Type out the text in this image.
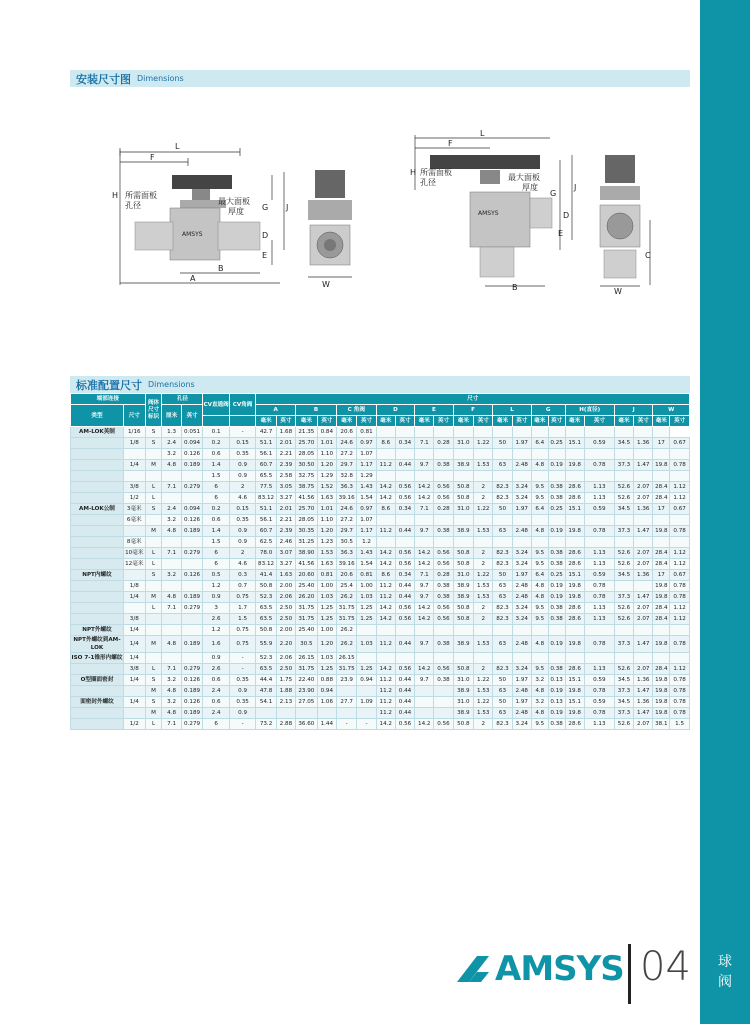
球
阀
安装尺寸图 Dimensions
L
F
H 所需面板
孔径	最大面板
厚度 G J
D
E
A
B
AMSYS
W
L
F
H 所需面板
孔径
最大面板
厚度
G
J
D
E
B
AMSYS
C
W
标准配置尺寸 Dimensions
端部连接		阀体尺寸标识	孔径		CV直通阀	CV角阀	尺寸																					
类型	尺寸		厘米	英寸			A		B		C 角阀		D		E		F		L		G		H(直径)		J		W	
							毫米	英寸	毫米	英寸	毫米	英寸	毫米	英寸	毫米	英寸	毫米	英寸	毫米	英寸	毫米	英寸	毫米	英寸	毫米	英寸	毫米	英寸
AM-LOK英制	1/16	S	1.3	0.051	0.1	-	42.7	1.68	21.35	0.84	20.6	0.81																
	1/8	S	2.4	0.094	0.2	0.15	51.1	2.01	25.70	1.01	24.6	0.97	8.6	0.34	7.1	0.28	31.0	1.22	50	1.97	6.4	0.25	15.1	0.59	34.5	1.36	17	0.67
			3.2	0.126	0.6	0.35	56.1	2.21	28.05	1.10	27.2	1.07																
	1/4	M	4.8	0.189	1.4	0.9	60.7	2.39	30.50	1.20	29.7	1.17	11.2	0.44	9.7	0.38	38.9	1.53	63	2.48	4.8	0.19	19.8	0.78	37.3	1.47	19.8	0.78
					1.5	0.9	65.5	2.58	32.75	1.29	32.8	1.29																
	3/8	L	7.1	0.279	6	2	77.5	3.05	38.75	1.52	36.3	1.43	14.2	0.56	14.2	0.56	50.8	2	82.3	3.24	9.5	0.38	28.6	1.13	52.6	2.07	28.4	1.12
	1/2	L			6	4.6	83.12	3.27	41.56	1.63	39.16	1.54	14.2	0.56	14.2	0.56	50.8	2	82.3	3.24	9.5	0.38	28.6	1.13	52.6	2.07	28.4	1.12
AM-LOK公制	3毫米	S	2.4	0.094	0.2	0.15	51.1	2.01	25.70	1.01	24.6	0.97	8.6	0.34	7.1	0.28	31.0	1.22	50	1.97	6.4	0.25	15.1	0.59	34.5	1.36	17	0.67
	6毫米		3.2	0.126	0.6	0.35	56.1	2.21	28.05	1.10	27.2	1.07																
		M	4.8	0.189	1.4	0.9	60.7	2.39	30.35	1.20	29.7	1.17	11.2	0.44	9.7	0.38	38.9	1.53	63	2.48	4.8	0.19	19.8	0.78	37.3	1.47	19.8	0.78
	8毫米				1.5	0.9	62.5	2.46	31.25	1.23	30.5	1.2																
	10毫米	L	7.1	0.279	6	2	78.0	3.07	38.90	1.53	36.3	1.43	14.2	0.56	14.2	0.56	50.8	2	82.3	3.24	9.5	0.38	28.6	1.13	52.6	2.07	28.4	1.12
	12毫米	L			6	4.6	83.12	3.27	41.56	1.63	39.16	1.54	14.2	0.56	14.2	0.56	50.8	2	82.3	3.24	9.5	0.38	28.6	1.13	52.6	2.07	28.4	1.12
NPT内螺纹		S	3.2	0.126	0.5	0.3	41.4	1.63	20.60	0.81	20.6	0.81	8.6	0.34	7.1	0.28	31.0	1.22	50	1.97	6.4	0.25	15.1	0.59	34.5	1.36	17	0.67
	1/8				1.2	0.7	50.8	2.00	25.40	1.00	25.4	1.00	11.2	0.44	9.7	0.38	38.9	1.53	63	2.48	4.8	0.19	19.8	0.78			19.8	0.78
	1/4	M	4.8	0.189	0.9	0.75	52.3	2.06	26.20	1.03	26.2	1.03	11.2	0.44	9.7	0.38	38.9	1.53	63	2.48	4.8	0.19	19.8	0.78	37.3	1.47	19.8	0.78
		L	7.1	0.279	3	1.7	63.5	2.50	31.75	1.25	31.75	1.25	14.2	0.56	14.2	0.56	50.8	2	82.3	3.24	9.5	0.38	28.6	1.13	52.6	2.07	28.4	1.12
	3/8				2.6	1.5	63.5	2.50	31.75	1.25	31.75	1.25	14.2	0.56	14.2	0.56	50.8	2	82.3	3.24	9.5	0.38	28.6	1.13	52.6	2.07	28.4	1.12
NPT外螺纹	1/4				1.2	0.75	50.8	2.00	25.40	1.00	26.2																	
NPT外螺纹到AM-LOK	1/4	M	4.8	0.189	1.6	0.75	55.9	2.20	30.5	1.20	26.2	1.03	11.2	0.44	9.7	0.38	38.9	1.53	63	2.48	4.8	0.19	19.8	0.78	37.3	1.47	19.8	0.78
ISO 7-1锥形内螺纹	1/4				0.9	-	52.3	2.06	26.15	1.03	26.15																	
	3/8	L	7.1	0.279	2.6	-	63.5	2.50	31.75	1.25	31.75	1.25	14.2	0.56	14.2	0.56	50.8	2	82.3	3.24	9.5	0.38	28.6	1.13	52.6	2.07	28.4	1.12
O型圈面密封	1/4	S	3.2	0.126	0.6	0.35	44.4	1.75	22.40	0.88	23.9	0.94	11.2	0.44	9.7	0.38	31.0	1.22	50	1.97	3.2	0.13	15.1	0.59	34.5	1.36	19.8	0.78
		M	4.8	0.189	2.4	0.9	47.8	1.88	23.90	0.94			11.2	0.44			38.9	1.53	63	2.48	4.8	0.19	19.8	0.78	37.3	1.47	19.8	0.78
面密封外螺纹	1/4	S	3.2	0.126	0.6	0.35	54.1	2.13	27.05	1.06	27.7	1.09	11.2	0.44			31.0	1.22	50	1.97	3.2	0.13	15.1	0.59	34.5	1.36	19.8	0.78
		M	4.8	0.189	2.4	0.9							11.2	0.44			38.9	1.53	63	2.48	4.8	0.19	19.8	0.78	37.3	1.47	19.8	0.78
	1/2	L	7.1	0.279	6	-	73.2	2.88	36.60	1.44	-	-	14.2	0.56	14.2	0.56	50.8	2	82.3	3.24	9.5	0.38	28.6	1.13	52.6	2.07	38.1	1.5
AMSYS 04
